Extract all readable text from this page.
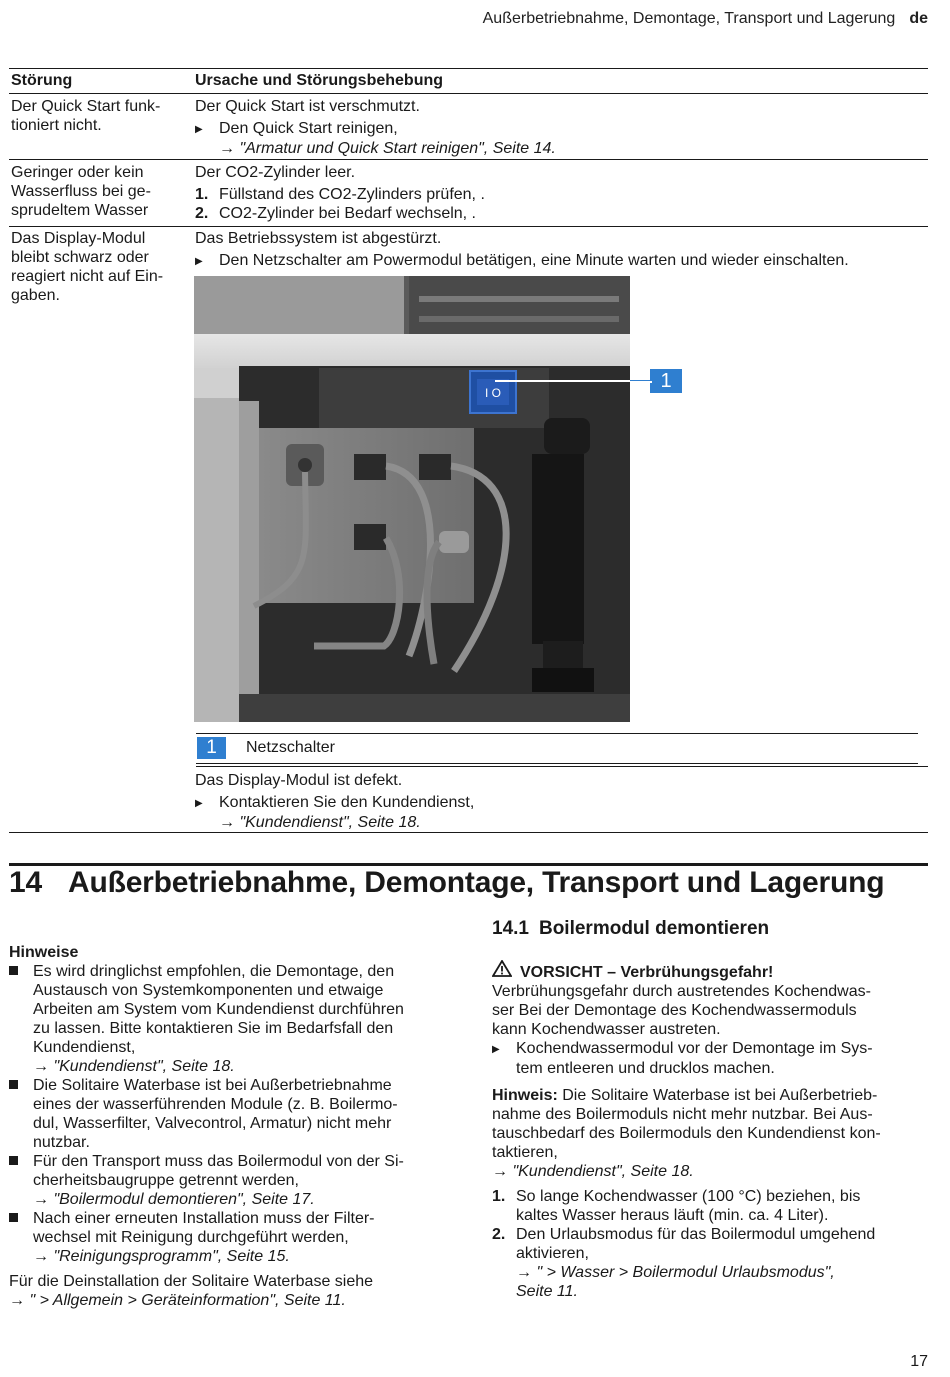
Außerbetriebnahme, Demontage, Transport und Lagerung de
Störung	Ursache und Störungsbehebung
Der Quick Start funk-
tioniert nicht.
Der Quick Start ist verschmutzt.
▶ Den Quick Start reinigen,
→ "Armatur und Quick Start reinigen", Seite 14.
Geringer oder kein
Wasserfluss bei ge-
sprudeltem Wasser
Der CO2-Zylinder leer.
1. Füllstand des CO2-Zylinders prüfen, .
2. CO2-Zylinder bei Bedarf wechseln, .
Das Display-Modul
bleibt schwarz oder
reagiert nicht auf Ein-
gaben.
Das Betriebssystem ist abgestürzt.
▶ Den Netzschalter am Powermodul betätigen, eine Minute warten und wieder einschalten.
I O
1
1	Netzschalter
Das Display-Modul ist defekt.
▶ Kontaktieren Sie den Kundendienst,
→ "Kundendienst", Seite 18.
14 Außerbetriebnahme, Demontage, Transport und Lagerung
Hinweise
Es wird dringlichst empfohlen, die Demontage, den
Austausch von Systemkomponenten und etwaige
Arbeiten am System vom Kundendienst durchführen
zu lassen. Bitte kontaktieren Sie im Bedarfsfall den
Kundendienst,
→ "Kundendienst", Seite 18.
Die Solitaire Waterbase ist bei Außerbetriebnahme
eines der wasserführenden Module (z. B. Boilermo-
dul, Wasserfilter, Valvecontrol, Armatur) nicht mehr
nutzbar.
Für den Transport muss das Boilermodul von der Si-
cherheitsbaugruppe getrennt werden,
→ "Boilermodul demontieren", Seite 17.
Nach einer erneuten Installation muss der Filter-
wechsel mit Reinigung durchgeführt werden,
→ "Reinigungsprogramm", Seite 15.
Für die Deinstallation der Solitaire Waterbase siehe
→ " > Allgemein > Geräteinformation", Seite 11.
14.1 Boilermodul demontieren
VORSICHT – Verbrühungsgefahr!
Verbrühungsgefahr durch austretendes Kochendwas-
ser Bei der Demontage des Kochendwassermoduls
kann Kochendwasser austreten.
▶ Kochendwassermodul vor der Demontage im Sys-
tem entleeren und drucklos machen.
Hinweis: Die Solitaire Waterbase ist bei Außerbetrieb-
nahme des Boilermoduls nicht mehr nutzbar. Bei Aus-
tauschbedarf des Boilermoduls den Kundendienst kon-
taktieren,
→ "Kundendienst", Seite 18.
1. So lange Kochendwasser (100 °C) beziehen, bis
kaltes Wasser heraus läuft (min. ca. 4 Liter).
2. Den Urlaubsmodus für das Boilermodul umgehend
aktivieren,
→ " > Wasser > Boilermodul Urlaubsmodus",
Seite 11.
17
